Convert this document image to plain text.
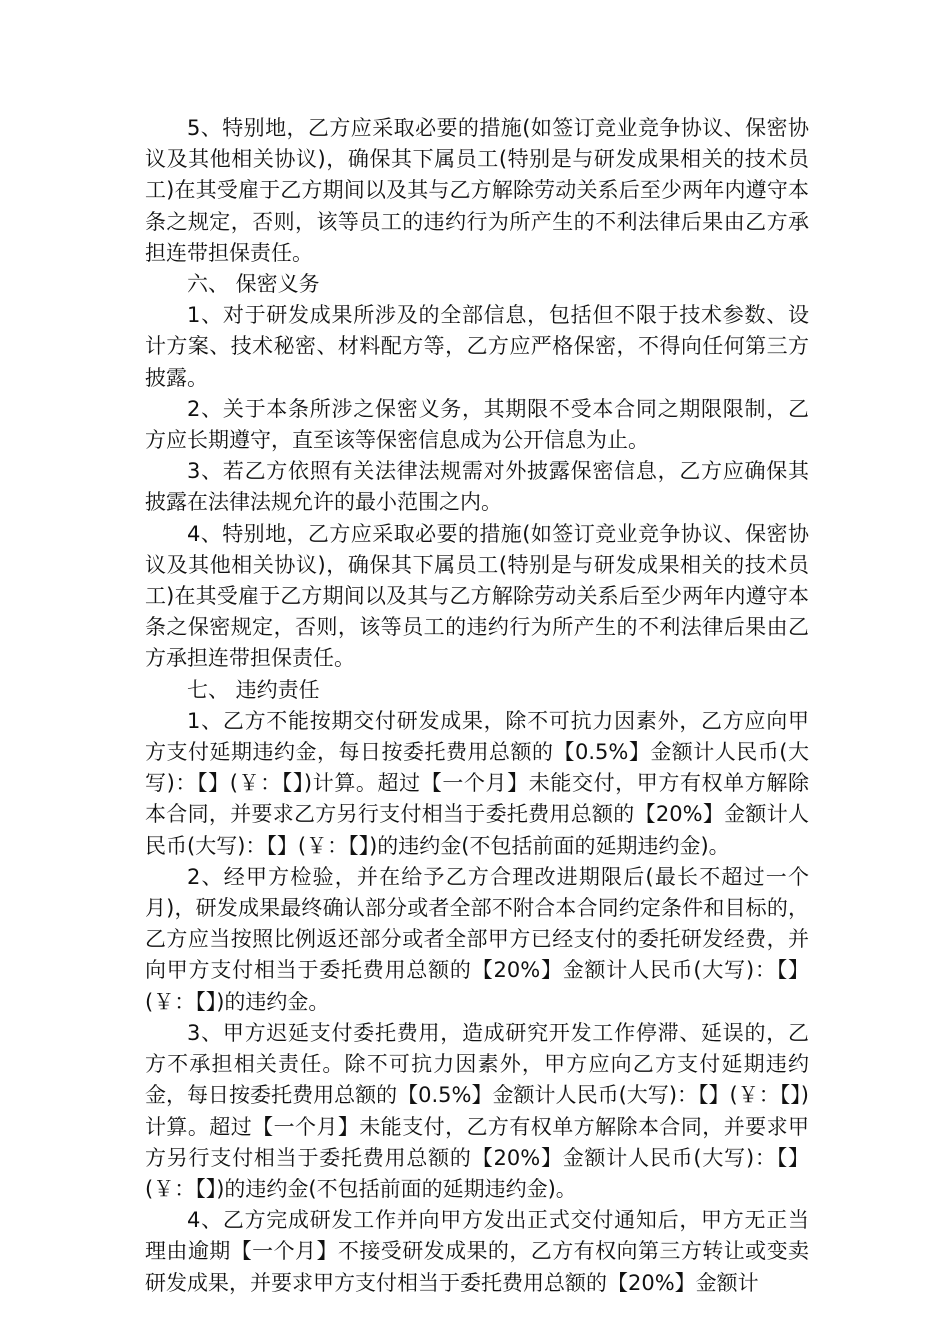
5、特别地，乙方应采取必要的措施(如签订竞业竞争协议、保密协议及其他相关协议)，确保其下属员工(特别是与研发成果相关的技术员工)在其受雇于乙方期间以及其与乙方解除劳动关系后至少两年内遵守本条之规定，否则，该等员工的违约行为所产生的不利法律后果由乙方承担连带担保责任。

六、 保密义务

1、对于研发成果所涉及的全部信息，包括但不限于技术参数、设计方案、技术秘密、材料配方等，乙方应严格保密，不得向任何第三方披露。

2、关于本条所涉之保密义务，其期限不受本合同之期限限制，乙方应长期遵守，直至该等保密信息成为公开信息为止。

3、若乙方依照有关法律法规需对外披露保密信息，乙方应确保其披露在法律法规允许的最小范围之内。

4、特别地，乙方应采取必要的措施(如签订竞业竞争协议、保密协议及其他相关协议)，确保其下属员工(特别是与研发成果相关的技术员工)在其受雇于乙方期间以及其与乙方解除劳动关系后至少两年内遵守本条之保密规定，否则，该等员工的违约行为所产生的不利法律后果由乙方承担连带担保责任。

七、 违约责任

1、乙方不能按期交付研发成果，除不可抗力因素外，乙方应向甲方支付延期违约金，每日按委托费用总额的【0.5%】金额计人民币(大写)：【】(￥：【】)计算。超过【一个月】未能交付，甲方有权单方解除本合同，并要求乙方另行支付相当于委托费用总额的【20%】金额计人民币(大写)：【】(￥：【】)的违约金(不包括前面的延期违约金)。

2、经甲方检验，并在给予乙方合理改进期限后(最长不超过一个月)，研发成果最终确认部分或者全部不附合本合同约定条件和目标的，乙方应当按照比例返还部分或者全部甲方已经支付的委托研发经费，并向甲方支付相当于委托费用总额的【20%】金额计人民币(大写)：【】(￥：【】)的违约金。

3、甲方迟延支付委托费用，造成研究开发工作停滞、延误的，乙方不承担相关责任。除不可抗力因素外，甲方应向乙方支付延期违约金，每日按委托费用总额的【0.5%】金额计人民币(大写)：【】(￥：【】)计算。超过【一个月】未能支付，乙方有权单方解除本合同，并要求甲方另行支付相当于委托费用总额的【20%】金额计人民币(大写)：【】(￥：【】)的违约金(不包括前面的延期违约金)。

4、乙方完成研发工作并向甲方发出正式交付通知后，甲方无正当理由逾期【一个月】不接受研发成果的，乙方有权向第三方转让或变卖研发成果，并要求甲方支付相当于委托费用总额的【20%】金额计
